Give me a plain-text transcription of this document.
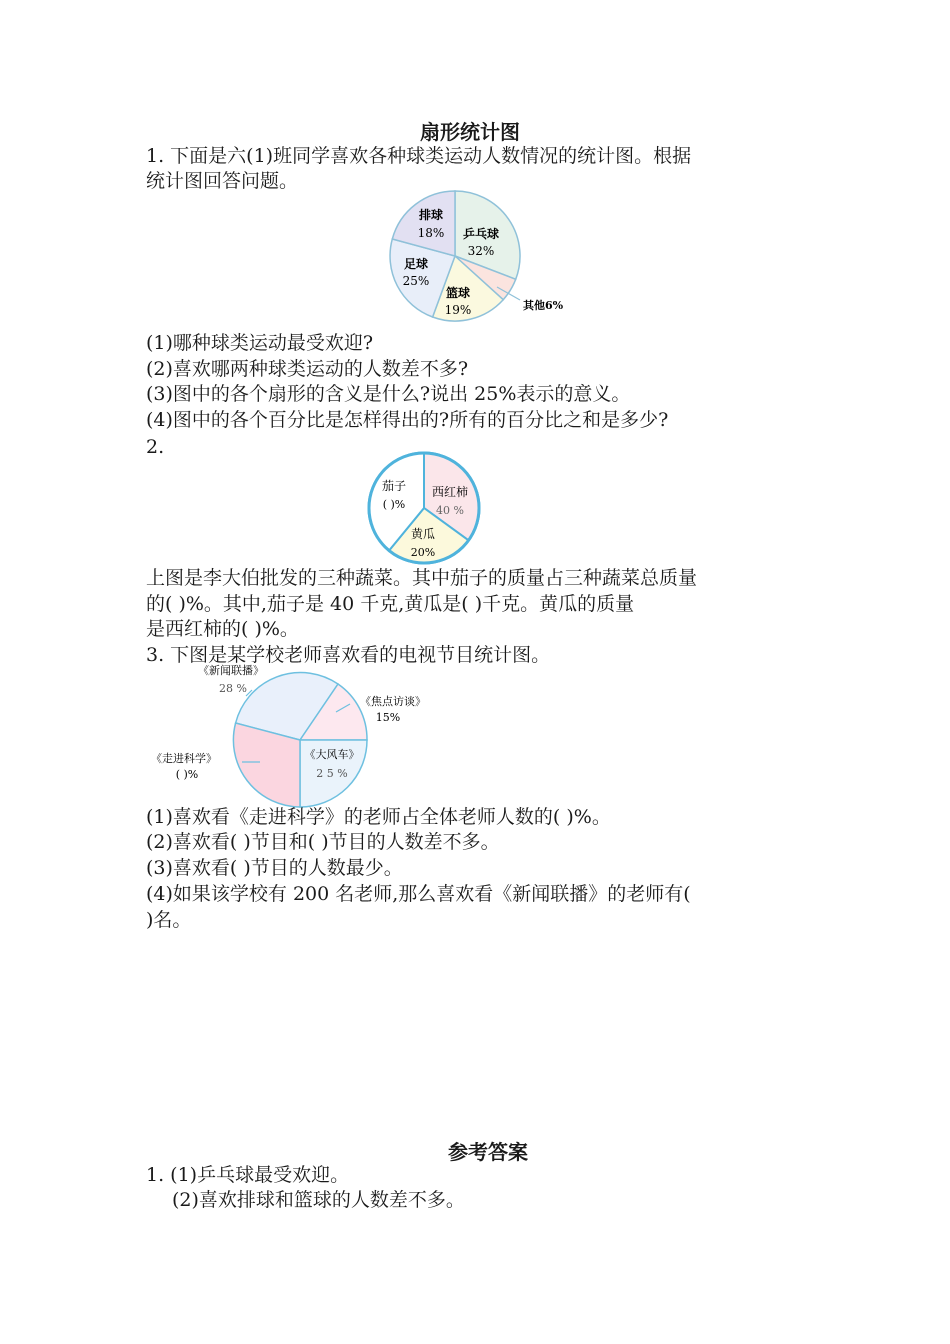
扇形统计图
1. 下面是六(1)班同学喜欢各种球类运动人数情况的统计图。根据
统计图回答问题。
排球
18% 乒乓球
32%
足球
25%
篮球
19%	其他6%
(1)哪种球类运动最受欢迎?
(2)喜欢哪两种球类运动的人数差不多?
(3)图中的各个扇形的含义是什么?说出 25%表示的意义。
(4)图中的各个百分比是怎样得出的?所有的百分比之和是多少?
2.
茄子
( )%
西红柿
40 %
黄瓜
20%
上图是李大伯批发的三种蔬菜。其中茄子的质量占三种蔬菜总质量
的( )%。其中,茄子是 40 千克,黄瓜是( )千克。黄瓜的质量
是西红柿的( )%。
3. 下图是某学校老师喜欢看的电视节目统计图。
《新闻联播》
28 %
《焦点访谈》
15%
《走进科学》
( )%
《大风车》
2 5 %
(1)喜欢看《走进科学》的老师占全体老师人数的( )%。
(2)喜欢看( )节目和( )节目的人数差不多。
(3)喜欢看( )节目的人数最少。
(4)如果该学校有 200 名老师,那么喜欢看《新闻联播》的老师有(
)名。
参考答案
1. (1)乒乓球最受欢迎。
(2)喜欢排球和篮球的人数差不多。
